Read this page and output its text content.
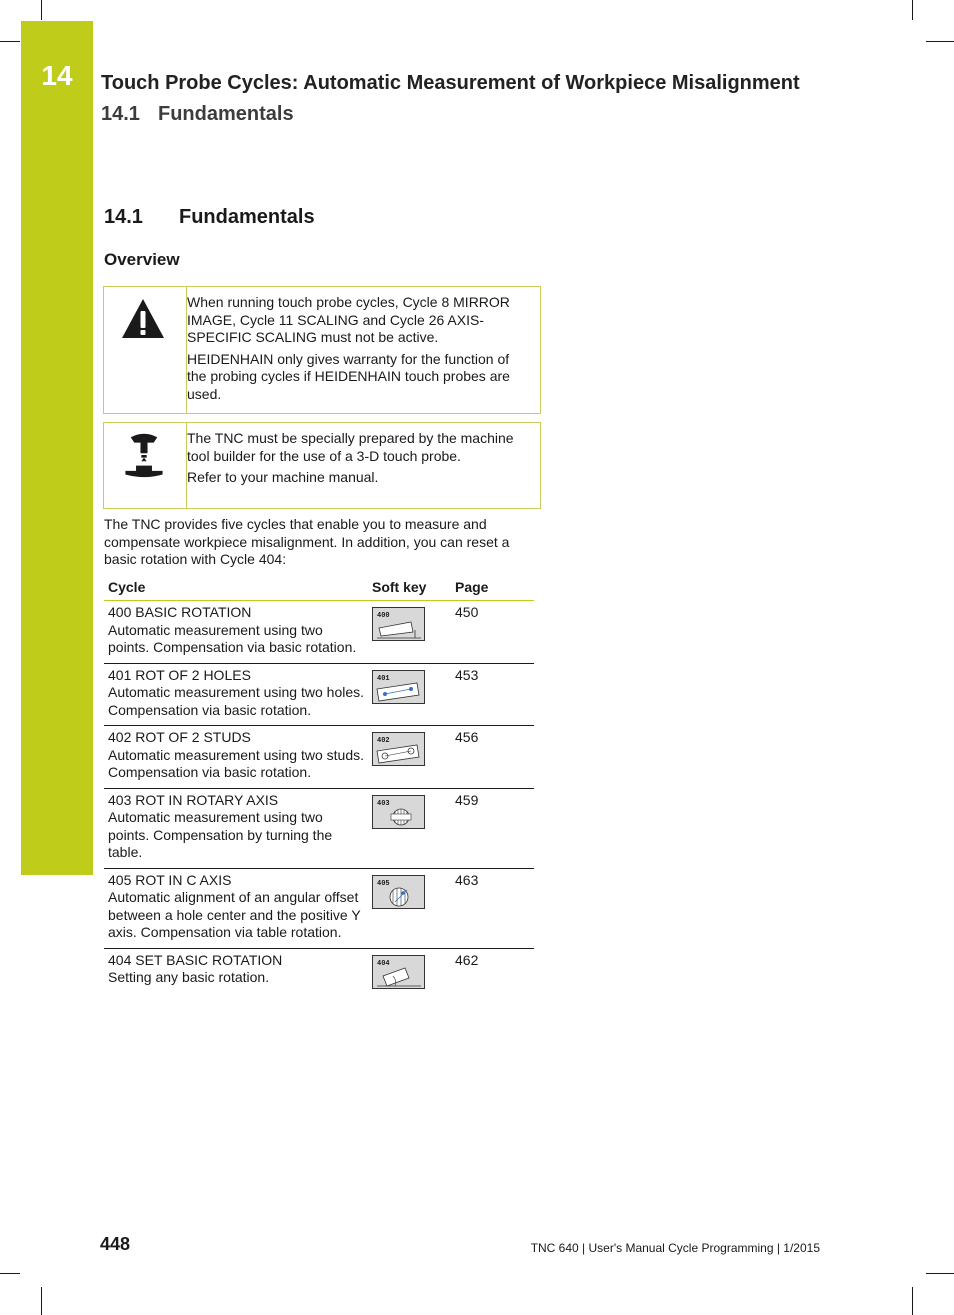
14	Touch Probe Cycles: Automatic Measurement of Workpiece Misalignment
14.1 Fundamentals
14.1 Fundamentals
Overview

When running touch probe cycles, Cycle 8 MIRROR IMAGE, Cycle 11 SCALING and Cycle 26 AXIS-SPECIFIC SCALING must not be active.

HEIDENHAIN only gives warranty for the function of the probing cycles if HEIDENHAIN touch probes are used.

The TNC must be specially prepared by the machine tool builder for the use of a 3-D touch probe.

Refer to your machine manual.

The TNC provides five cycles that enable you to measure and compensate workpiece misalignment. In addition, you can reset a basic rotation with Cycle 404:
Cycle	Soft key	Page

400 BASIC ROTATION
Automatic measurement using two points. Compensation via basic rotation.	400	450

401 ROT OF 2 HOLES
Automatic measurement using two holes. Compensation via basic rotation.	401	453

402 ROT OF 2 STUDS
Automatic measurement using two studs. Compensation via basic rotation.	402	456

403 ROT IN ROTARY AXIS
Automatic measurement using two points. Compensation by turning the table.	403	459

405 ROT IN C AXIS
Automatic alignment of an angular offset between a hole center and the positive Y axis. Compensation via table rotation.	405	463

404 SET BASIC ROTATION
Setting any basic rotation.	404	462
448	TNC 640 | User's Manual Cycle Programming | 1/2015
